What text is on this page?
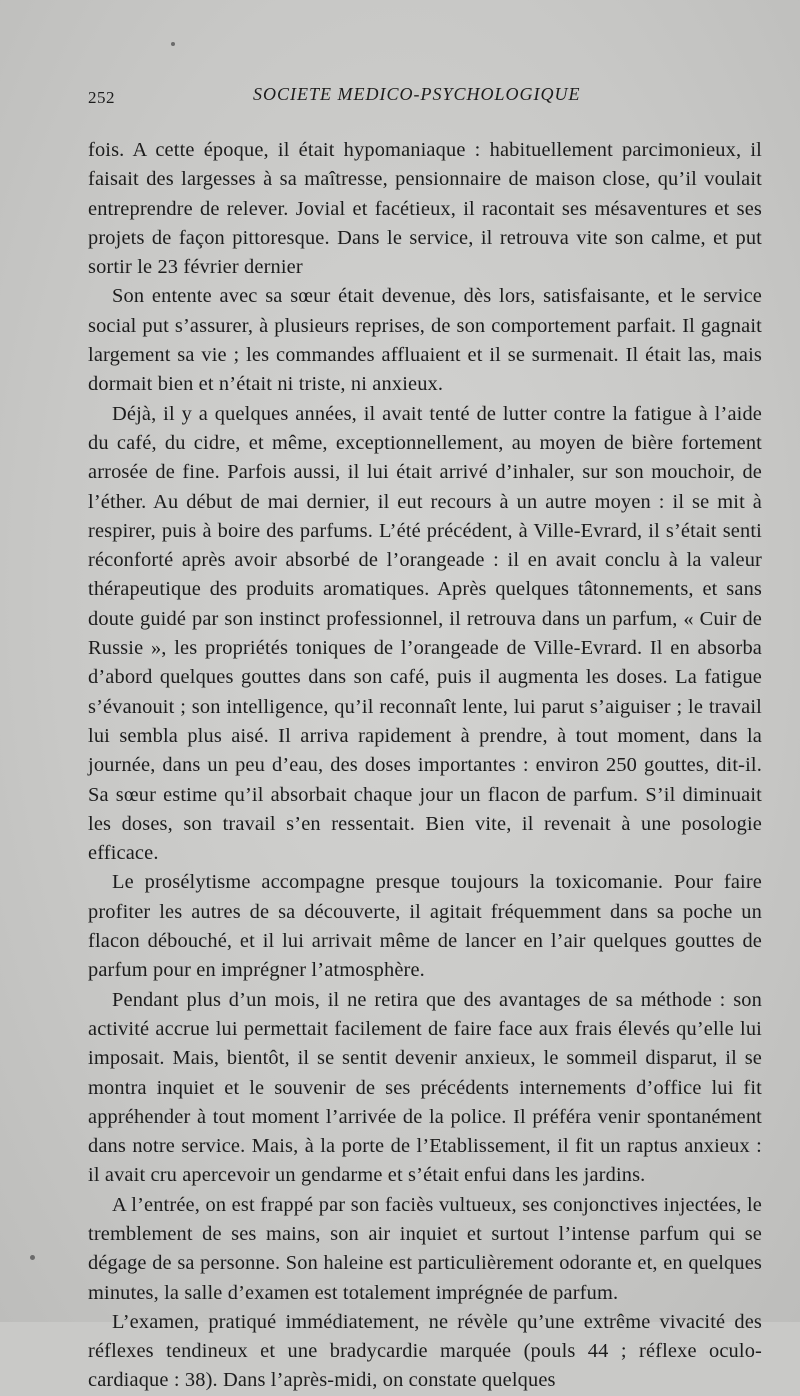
252	SOCIETE MEDICO-PSYCHOLOGIQUE

fois. A cette époque, il était hypomaniaque : habituellement parcimonieux, il faisait des largesses à sa maîtresse, pensionnaire de maison close, qu’il voulait entreprendre de relever. Jovial et facétieux, il racontait ses mésaventures et ses projets de façon pittoresque. Dans le service, il retrouva vite son calme, et put sortir le 23 février dernier

Son entente avec sa sœur était devenue, dès lors, satisfaisante, et le service social put s’assurer, à plusieurs reprises, de son comportement parfait. Il gagnait largement sa vie ; les commandes affluaient et il se surmenait. Il était las, mais dormait bien et n’était ni triste, ni anxieux.

Déjà, il y a quelques années, il avait tenté de lutter contre la fatigue à l’aide du café, du cidre, et même, exceptionnellement, au moyen de bière fortement arrosée de fine. Parfois aussi, il lui était arrivé d’inhaler, sur son mouchoir, de l’éther. Au début de mai dernier, il eut recours à un autre moyen : il se mit à respirer, puis à boire des parfums. L’été précédent, à Ville-Evrard, il s’était senti réconforté après avoir absorbé de l’orangeade : il en avait conclu à la valeur thérapeutique des produits aromatiques. Après quelques tâtonnements, et sans doute guidé par son instinct professionnel, il retrouva dans un parfum, « Cuir de Russie », les propriétés toniques de l’orangeade de Ville-Evrard. Il en absorba d’abord quelques gouttes dans son café, puis il augmenta les doses. La fatigue s’évanouit ; son intelligence, qu’il reconnaît lente, lui parut s’aiguiser ; le travail lui sembla plus aisé. Il arriva rapidement à prendre, à tout moment, dans la journée, dans un peu d’eau, des doses importantes : environ 250 gouttes, dit-il. Sa sœur estime qu’il absorbait chaque jour un flacon de parfum. S’il diminuait les doses, son travail s’en ressentait. Bien vite, il revenait à une posologie efficace.

Le prosélytisme accompagne presque toujours la toxicomanie. Pour faire profiter les autres de sa découverte, il agitait fréquemment dans sa poche un flacon débouché, et il lui arrivait même de lancer en l’air quelques gouttes de parfum pour en imprégner l’atmosphère.

Pendant plus d’un mois, il ne retira que des avantages de sa méthode : son activité accrue lui permettait facilement de faire face aux frais élevés qu’elle lui imposait. Mais, bientôt, il se sentit devenir anxieux, le sommeil disparut, il se montra inquiet et le souvenir de ses précédents internements d’office lui fit appréhender à tout moment l’arrivée de la police. Il préféra venir spontanément dans notre service. Mais, à la porte de l’Etablissement, il fit un raptus anxieux : il avait cru apercevoir un gendarme et s’était enfui dans les jardins.

A l’entrée, on est frappé par son faciès vultueux, ses conjonctives injectées, le tremblement de ses mains, son air inquiet et surtout l’intense parfum qui se dégage de sa personne. Son haleine est particulièrement odorante et, en quelques minutes, la salle d’examen est totalement imprégnée de parfum.

L’examen, pratiqué immédiatement, ne révèle qu’une extrême vivacité des réflexes tendineux et une bradycardie marquée (pouls 44 ; réflexe oculo-cardiaque : 38). Dans l’après-midi, on constate quelques
